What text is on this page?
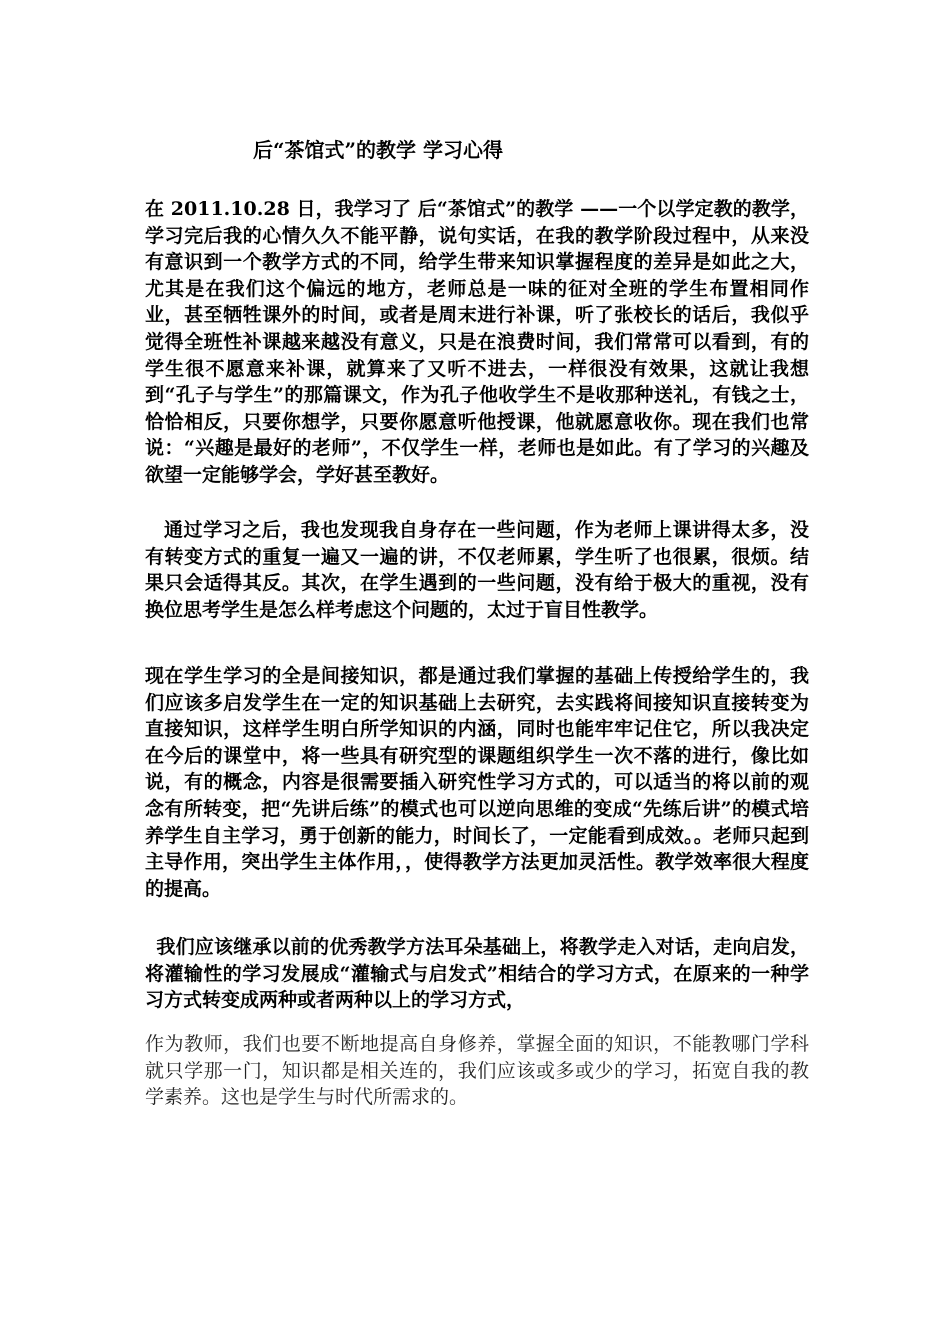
后“茶馆式”的教学 学习心得

在 2011.10.28 日，我学习了 后“茶馆式”的教学 ——一个以学定教的教学，学习完后我的心情久久不能平静，说句实话，在我的教学阶段过程中，从来没有意识到一个教学方式的不同，给学生带来知识掌握程度的差异是如此之大，尤其是在我们这个偏远的地方，老师总是一味的征对全班的学生布置相同作业，甚至牺牲课外的时间，或者是周末进行补课，听了张校长的话后，我似乎觉得全班性补课越来越没有意义，只是在浪费时间，我们常常可以看到，有的学生很不愿意来补课，就算来了又听不进去，一样很没有效果，这就让我想到“孔子与学生”的那篇课文，作为孔子他收学生不是收那种送礼，有钱之士，恰恰相反，只要你想学，只要你愿意听他授课，他就愿意收你。现在我们也常说：“兴趣是最好的老师”，不仅学生一样，老师也是如此。有了学习的兴趣及欲望一定能够学会，学好甚至教好。

通过学习之后，我也发现我自身存在一些问题，作为老师上课讲得太多，没有转变方式的重复一遍又一遍的讲，不仅老师累，学生听了也很累，很烦。结果只会适得其反。其次，在学生遇到的一些问题，没有给于极大的重视，没有换位思考学生是怎么样考虑这个问题的，太过于盲目性教学。

现在学生学习的全是间接知识，都是通过我们掌握的基础上传授给学生的，我们应该多启发学生在一定的知识基础上去研究，去实践将间接知识直接转变为直接知识，这样学生明白所学知识的内涵，同时也能牢牢记住它，所以我决定在今后的课堂中，将一些具有研究型的课题组织学生一次不落的进行，像比如说，有的概念，内容是很需要插入研究性学习方式的，可以适当的将以前的观念有所转变，把“先讲后练”的模式也可以逆向思维的变成“先练后讲”的模式培养学生自主学习，勇于创新的能力，时间长了，一定能看到成效。。老师只起到主导作用，突出学生主体作用，，使得教学方法更加灵活性。教学效率很大程度的提高。

我们应该继承以前的优秀教学方法耳朵基础上，将教学走入对话，走向启发，将灌输性的学习发展成“灌输式与启发式”相结合的学习方式，在原来的一种学习方式转变成两种或者两种以上的学习方式，

作为教师，我们也要不断地提高自身修养，掌握全面的知识，不能教哪门学科就只学那一门，知识都是相关连的，我们应该或多或少的学习，拓宽自我的教学素养。这也是学生与时代所需求的。
